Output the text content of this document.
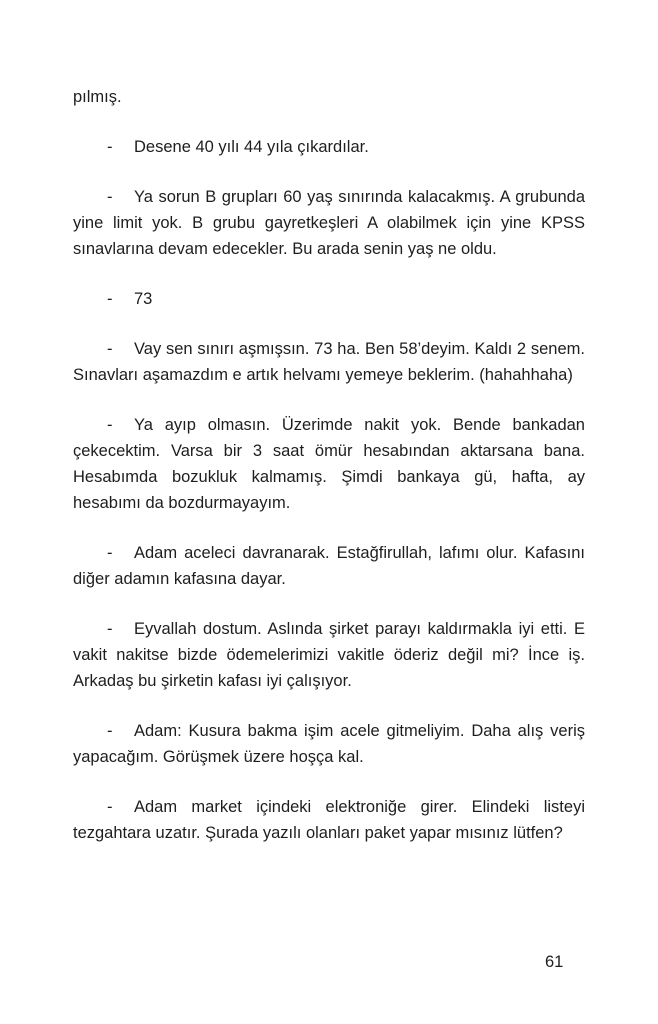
pılmış.

- Desene 40 yılı 44 yıla çıkardılar.

- Ya sorun B grupları 60 yaş sınırında kalacakmış. A grubunda yine limit yok. B grubu gayretkeşleri A olabilmek için yine KPSS sınavlarına devam edecekler. Bu arada senin yaş ne oldu.

- 73

- Vay sen sınırı aşmışsın. 73 ha. Ben 58’deyim. Kaldı 2 senem. Sınavları aşamazdım e artık helvamı yemeye beklerim. (hahahhaha)

- Ya ayıp olmasın. Üzerimde nakit yok. Bende bankadan çekecektim. Varsa bir 3 saat ömür hesabından aktarsana bana. Hesabımda bozukluk kalmamış. Şimdi bankaya gü, hafta, ay hesabımı da bozdurmayayım.

- Adam aceleci davranarak. Estağfirullah, lafımı olur. Kafasını diğer adamın kafasına dayar.

- Eyvallah dostum. Aslında şirket parayı kaldırmakla iyi etti. E vakit nakitse bizde ödemelerimizi vakitle öderiz değil mi? İnce iş. Arkadaş bu şirketin kafası iyi çalışıyor.

- Adam: Kusura bakma işim acele gitmeliyim. Daha alış veriş yapacağım. Görüşmek üzere hoşça kal.

- Adam market içindeki elektroniğe girer. Elindeki listeyi tezgahtara uzatır. Şurada yazılı olanları paket yapar mısınız lütfen?

61
